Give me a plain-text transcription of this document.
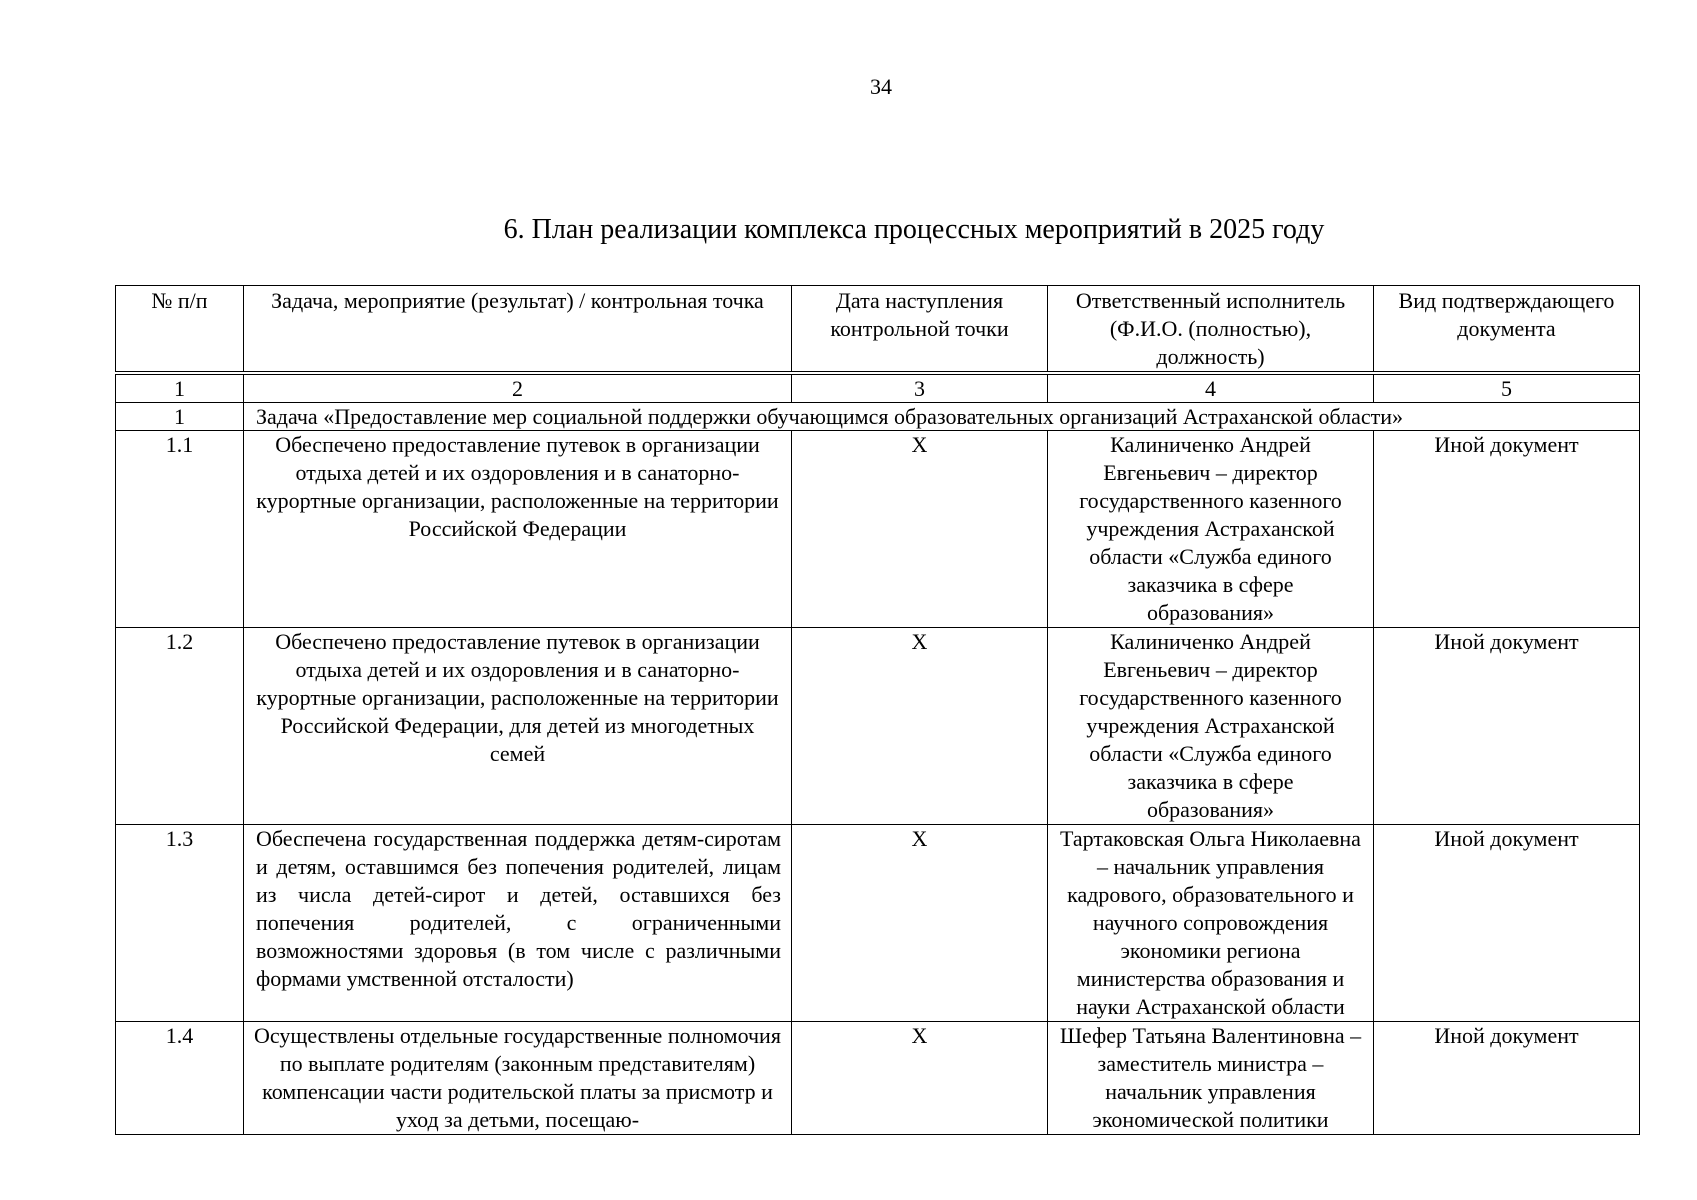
34
6. План реализации комплекса процессных мероприятий в 2025 году
№ п/п	Задача, мероприятие (результат) / контрольная точка	Дата наступления контрольной точки	Ответственный исполнитель (Ф.И.О. (полностью), должность)	Вид подтверждающего документа
1	2	3	4	5
1	Задача «Предоставление мер социальной поддержки обучающимся образовательных организаций Астраханской области»			
1.1	Обеспечено предоставление путевок в организации отдыха детей и их оздоровления и в санаторно-курортные организации, расположенные на территории Российской Федерации	Х	Калиниченко Андрей Евгеньевич – директор государственного казенного учреждения Астраханской области «Служба единого заказчика в сфере образования»	Иной документ
1.2	Обеспечено предоставление путевок в организации отдыха детей и их оздоровления и в санаторно-курортные организации, расположенные на территории Российской Федерации, для детей из многодетных семей	Х	Калиниченко Андрей Евгеньевич – директор государственного казенного учреждения Астраханской области «Служба единого заказчика в сфере образования»	Иной документ
1.3	Обеспечена государственная поддержка детям-сиротам и детям, оставшимся без попечения родителей, лицам из числа детей-сирот и детей, оставшихся без попечения родителей, с ограниченными возможностями здоровья (в том числе с различными формами умственной отсталости)	Х	Тартаковская Ольга Николаевна – начальник управления кадрового, образовательного и научного сопровождения экономики региона министерства образования и науки Астраханской области	Иной документ
1.4	Осуществлены отдельные государственные полномочия по выплате родителям (законным представителям) компенсации части родительской платы за присмотр и уход за детьми, посещаю-	Х	Шефер Татьяна Валентиновна – заместитель министра – начальник управления экономической политики	Иной документ
